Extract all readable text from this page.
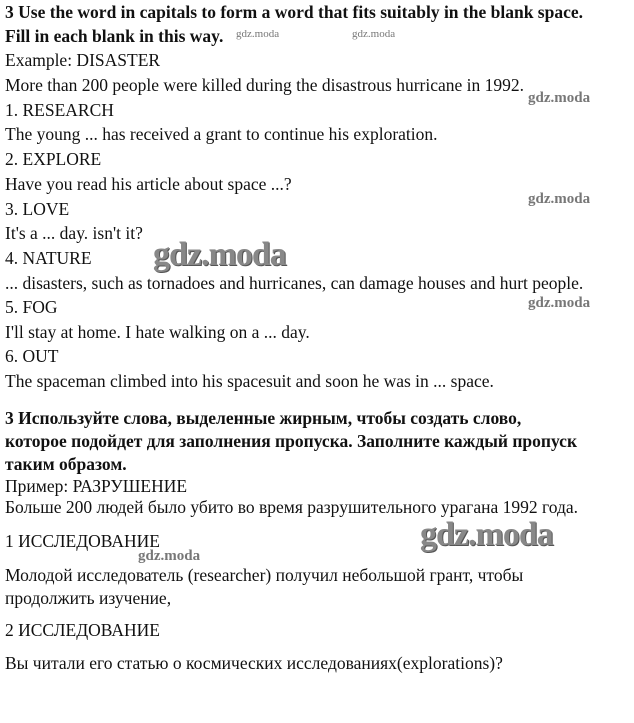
3 Use the word in capitals to form a word that fits suitably in the blank space.
Fill in each blank in this way.
Example: DISASTER
More than 200 people were killed during the disastrous hurricane in 1992.
1. RESEARCH
The young ... has received a grant to continue his exploration.
2. EXPLORE
Have you read his article about space ...?
3. LOVE
It's a ... day. isn't it?
4. NATURE
... disasters, such as tornadoes and hurricanes, can damage houses and hurt people.
5. FOG
I'll stay at home. I hate walking on a ... day.
6. OUT
The spaceman climbed into his spacesuit and soon he was in ... space.
3 Используйте слова, выделенные жирным, чтобы создать слово,
которое подойдет для заполнения пропуска. Заполните каждый пропуск
таким образом.
Пример: РАЗРУШЕНИЕ
Больше 200 людей было убито во время разрушительного урагана 1992 года.
1 ИССЛЕДОВАНИЕ
Молодой исследователь (researcher) получил небольшой грант, чтобы
продолжить изучение,
2 ИССЛЕДОВАНИЕ
Вы читали его статью о космических исследованиях(explorations)?
gdz.moda	gdz.moda
gdz.moda
gdz.moda
gdz.moda
gdz.moda
gdz.moda
gdz.moda
